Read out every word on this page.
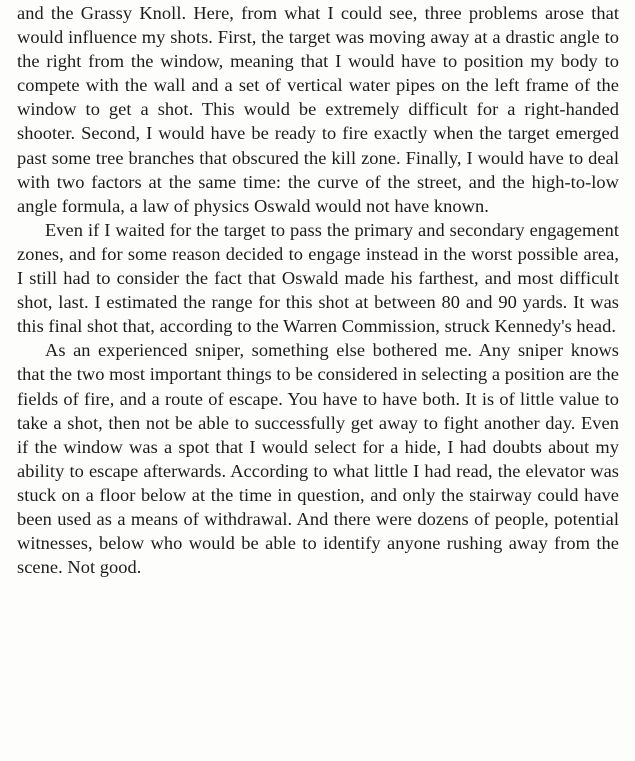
and the Grassy Knoll. Here, from what I could see, three problems arose that would influence my shots. First, the target was moving away at a drastic angle to the right from the window, meaning that I would have to position my body to compete with the wall and a set of vertical water pipes on the left frame of the window to get a shot. This would be extremely difficult for a right-handed shooter. Second, I would have be ready to fire exactly when the target emerged past some tree branches that obscured the kill zone. Finally, I would have to deal with two factors at the same time: the curve of the street, and the high-to-low angle formula, a law of physics Oswald would not have known.

Even if I waited for the target to pass the primary and secondary engagement zones, and for some reason decided to engage instead in the worst possible area, I still had to consider the fact that Oswald made his farthest, and most difficult shot, last. I estimated the range for this shot at between 80 and 90 yards. It was this final shot that, according to the Warren Commission, struck Kennedy's head.

As an experienced sniper, something else bothered me. Any sniper knows that the two most important things to be considered in selecting a position are the fields of fire, and a route of escape. You have to have both. It is of little value to take a shot, then not be able to successfully get away to fight another day. Even if the window was a spot that I would select for a hide, I had doubts about my ability to escape afterwards. According to what little I had read, the elevator was stuck on a floor below at the time in question, and only the stairway could have been used as a means of withdrawal. And there were dozens of people, potential witnesses, below who would be able to identify anyone rushing away from the scene. Not good.
